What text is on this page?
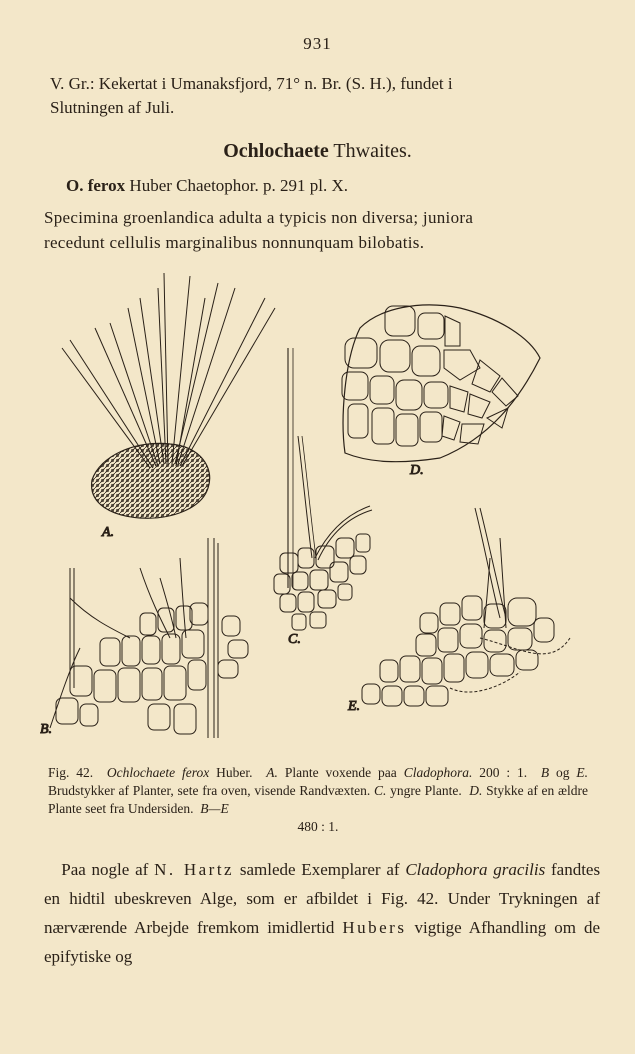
931
V. Gr.: Kekertat i Umanaksfjord, 71° n. Br. (S. H.), fundet i
Slutningen af Juli.
Ochlochaete Thwaites.
O. ferox Huber Chaetophor. p. 291 pl. X.
Specimina groenlandica adulta a typicis non diversa; juniora
recedunt cellulis marginalibus nonnunquam bilobatis.
A.
B.
C.
D.
E.
Fig. 42. Ochlochaete ferox Huber. A. Plante voxende paa Cladophora. 200 : 1. B og E. Brudstykker af Planter, sete fra oven, visende Randvæxten. C. yngre Plante. D. Stykke af en ældre Plante seet fra Undersiden. B—E
480 : 1.
Paa nogle af N. Hartz samlede Exemplarer af Cladophora gracilis fandtes en hidtil ubeskreven Alge, som er afbildet i Fig. 42. Under Trykningen af nærværende Arbejde fremkom imidlertid Hubers vigtige Afhandling om de epifytiske og
